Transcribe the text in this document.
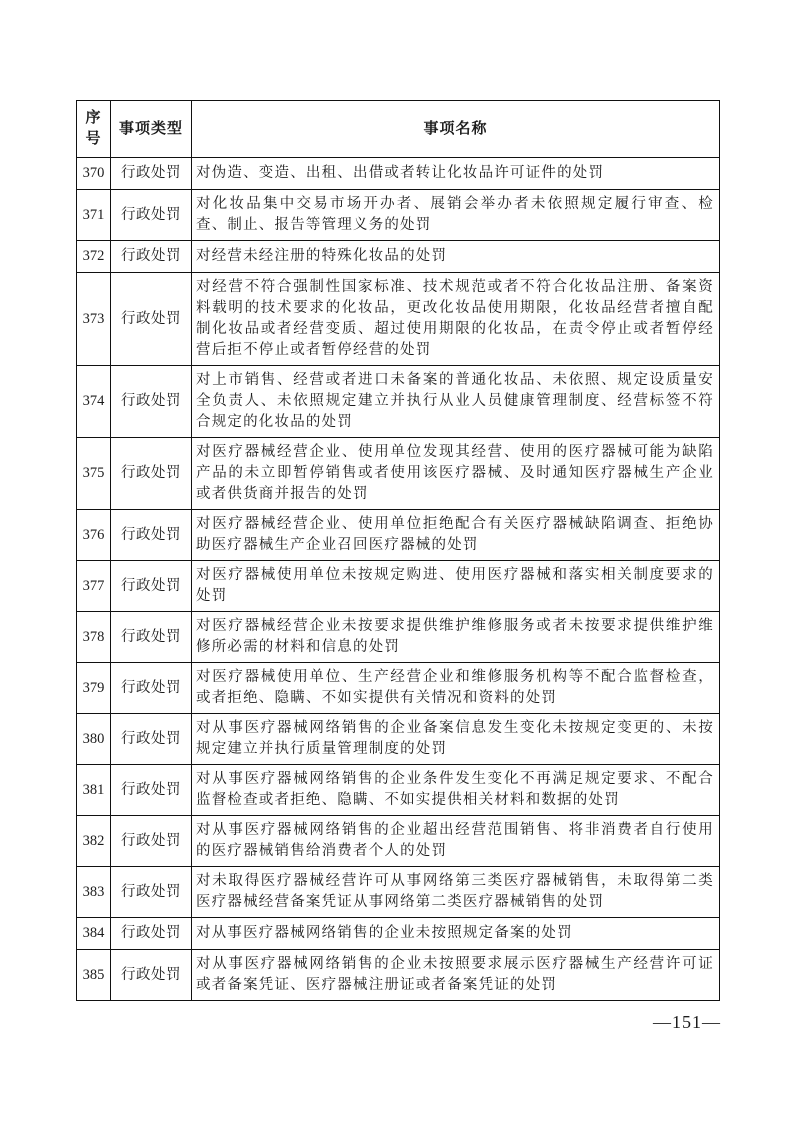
序号	事项类型	事项名称
370	行政处罚	对伪造、变造、出租、出借或者转让化妆品许可证件的处罚
371	行政处罚	对化妆品集中交易市场开办者、展销会举办者未依照规定履行审查、检查、制止、报告等管理义务的处罚
372	行政处罚	对经营未经注册的特殊化妆品的处罚
373	行政处罚	对经营不符合强制性国家标准、技术规范或者不符合化妆品注册、备案资料载明的技术要求的化妆品，更改化妆品使用期限，化妆品经营者擅自配制化妆品或者经营变质、超过使用期限的化妆品，在责令停止或者暂停经营后拒不停止或者暂停经营的处罚
374	行政处罚	对上市销售、经营或者进口未备案的普通化妆品、未依照、规定设质量安全负责人、未依照规定建立并执行从业人员健康管理制度、经营标签不符合规定的化妆品的处罚
375	行政处罚	对医疗器械经营企业、使用单位发现其经营、使用的医疗器械可能为缺陷产品的未立即暂停销售或者使用该医疗器械、及时通知医疗器械生产企业或者供货商并报告的处罚
376	行政处罚	对医疗器械经营企业、使用单位拒绝配合有关医疗器械缺陷调查、拒绝协助医疗器械生产企业召回医疗器械的处罚
377	行政处罚	对医疗器械使用单位未按规定购进、使用医疗器械和落实相关制度要求的处罚
378	行政处罚	对医疗器械经营企业未按要求提供维护维修服务或者未按要求提供维护维修所必需的材料和信息的处罚
379	行政处罚	对医疗器械使用单位、生产经营企业和维修服务机构等不配合监督检查，或者拒绝、隐瞒、不如实提供有关情况和资料的处罚
380	行政处罚	对从事医疗器械网络销售的企业备案信息发生变化未按规定变更的、未按规定建立并执行质量管理制度的处罚
381	行政处罚	对从事医疗器械网络销售的企业条件发生变化不再满足规定要求、不配合监督检查或者拒绝、隐瞒、不如实提供相关材料和数据的处罚
382	行政处罚	对从事医疗器械网络销售的企业超出经营范围销售、将非消费者自行使用的医疗器械销售给消费者个人的处罚
383	行政处罚	对未取得医疗器械经营许可从事网络第三类医疗器械销售，未取得第二类医疗器械经营备案凭证从事网络第二类医疗器械销售的处罚
384	行政处罚	对从事医疗器械网络销售的企业未按照规定备案的处罚
385	行政处罚	对从事医疗器械网络销售的企业未按照要求展示医疗器械生产经营许可证或者备案凭证、医疗器械注册证或者备案凭证的处罚
—151—
